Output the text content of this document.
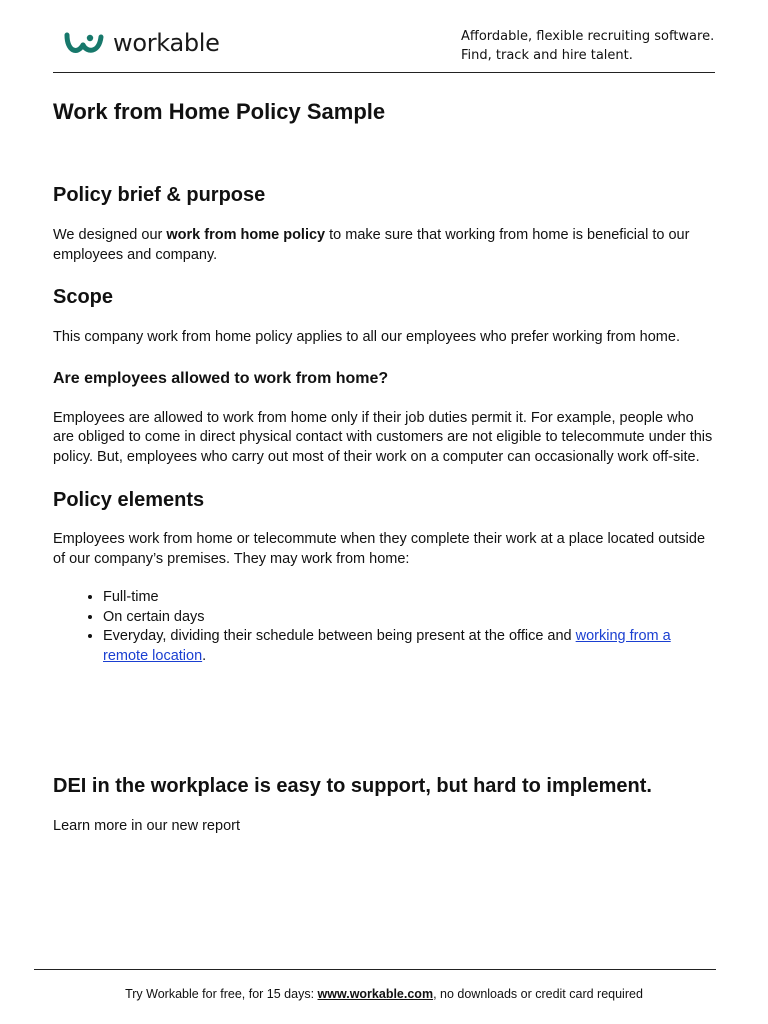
workable	Affordable, flexible recruiting software.
Find, track and hire talent.
Work from Home Policy Sample
Policy brief & purpose

We designed our work from home policy to make sure that working from home is beneficial to our employees and company.

Scope

This company work from home policy applies to all our employees who prefer working from home.

Are employees allowed to work from home?

Employees are allowed to work from home only if their job duties permit it. For example, people who are obliged to come in direct physical contact with customers are not eligible to telecommute under this policy. But, employees who carry out most of their work on a computer can occasionally work off-site.

Policy elements

Employees work from home or telecommute when they complete their work at a place located outside of our company’s premises. They may work from home:

• Full-time
• On certain days
• Everyday, dividing their schedule between being present at the office and working from a remote location.
DEI in the workplace is easy to support, but hard to implement.

Learn more in our new report

Try Workable for free, for 15 days: www.workable.com, no downloads or credit card required
